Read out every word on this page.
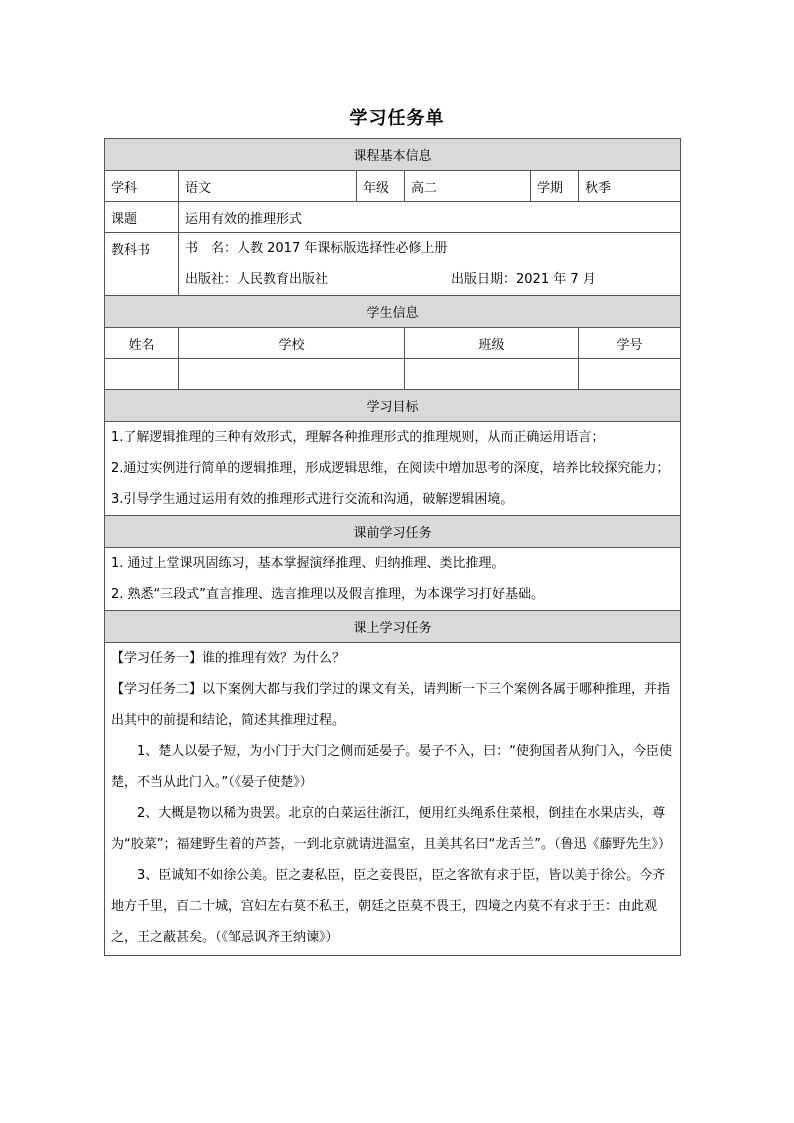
学习任务单
课程基本信息					
学科	语文	年级	高二	学期	秋季
课题	运用有效的推理形式				
教科书	书　名：人教 2017 年课标版选择性必修上册
出版社：人民教育出版社 出版日期：2021 年 7 月				

学生信息					
姓名	学校		班级		学号

学习目标					

1.了解逻辑推理的三种有效形式，理解各种推理形式的推理规则，从而正确运用语言；

2.通过实例进行简单的逻辑推理，形成逻辑思维，在阅读中增加思考的深度，培养比较探究能力；

3.引导学生通过运用有效的推理形式进行交流和沟通，破解逻辑困境。					

课前学习任务					

1. 通过上堂课巩固练习，基本掌握演绎推理、归纳推理、类比推理。

2. 熟悉“三段式”直言推理、选言推理以及假言推理，为本课学习打好基础。					

课上学习任务					

【学习任务一】谁的推理有效？为什么？

【学习任务二】以下案例大都与我们学过的课文有关，请判断一下三个案例各属于哪种推理，并指出其中的前提和结论，简述其推理过程。

1、楚人以晏子短，为小门于大门之侧而延晏子。晏子不入，曰：“使狗国者从狗门入，今臣使楚，不当从此门入。”（《晏子使楚》）

2、大概是物以稀为贵罢。北京的白菜运往浙江，便用红头绳系住菜根，倒挂在水果店头，尊为“胶菜”；福建野生着的芦荟，一到北京就请进温室，且美其名曰“龙舌兰”。（鲁迅《藤野先生》）

3、臣诚知不如徐公美。臣之妻私臣，臣之妾畏臣，臣之客欲有求于臣，皆以美于徐公。今齐地方千里，百二十城，宫妇左右莫不私王，朝廷之臣莫不畏王，四境之内莫不有求于王：由此观之，王之蔽甚矣。（《邹忌讽齐王纳谏》）					
